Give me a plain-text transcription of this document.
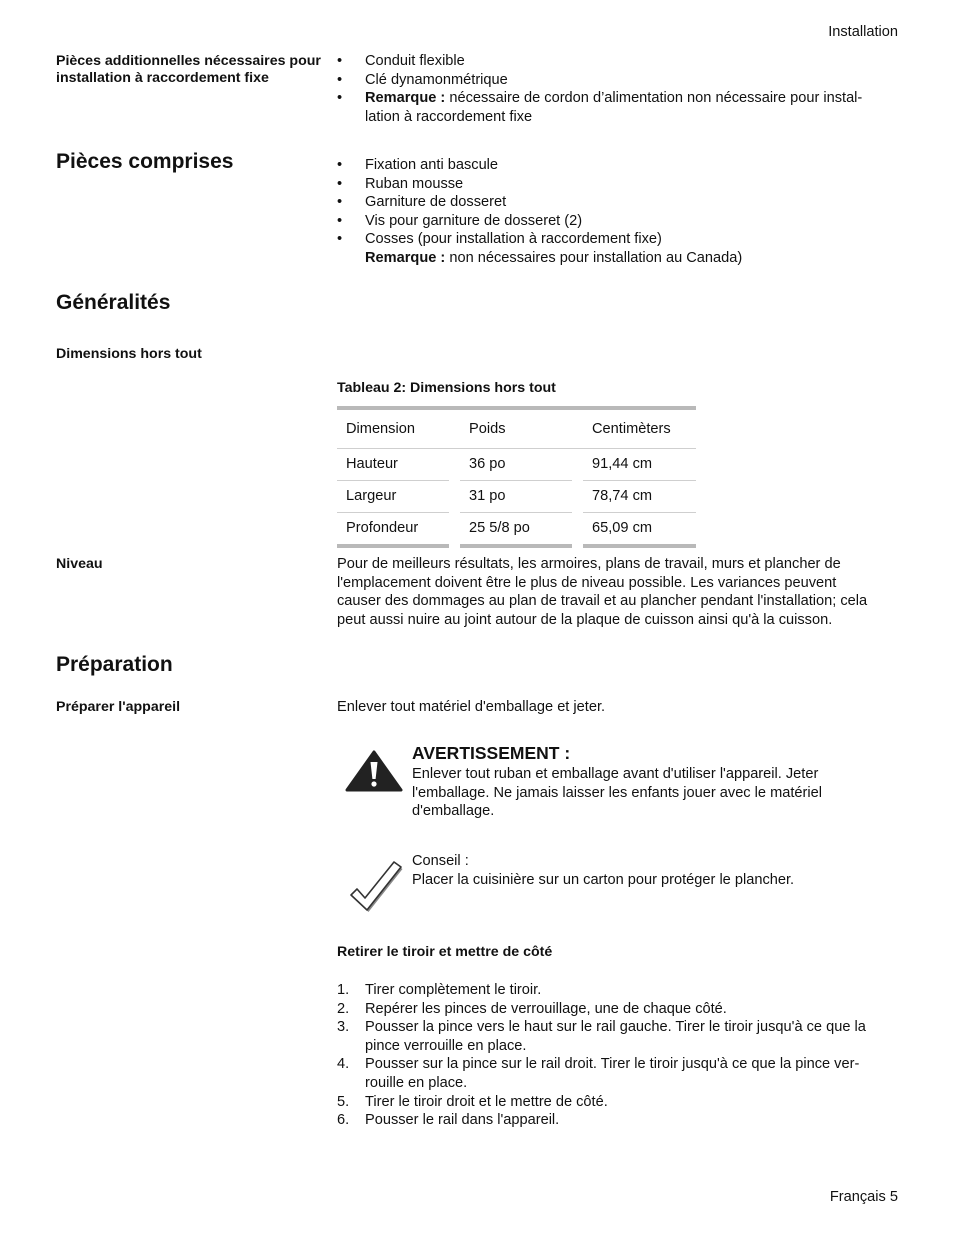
Installation
Français 5
Pièces additionnelles nécessaires pour installation à raccordement fixe
• Conduit flexible
• Clé dynamonmétrique
• Remarque : nécessaire de cordon d’alimentation non nécessaire pour instal-
lation à raccordement fixe
Pièces comprises	• Fixation anti bascule
• Ruban mousse
• Garniture de dosseret
• Vis pour garniture de dosseret (2)
• Cosses (pour installation à raccordement fixe)
Remarque : non nécessaires pour installation au Canada)
Généralités
Dimensions hors tout
Tableau 2: Dimensions hors tout
Dimension	Poids	Centimèters
Hauteur	36 po	91,44 cm
Largeur	31 po	78,74 cm
Profondeur	25 5/8 po	65,09 cm
Niveau	Pour de meilleurs résultats, les armoires, plans de travail, murs et plancher de
l'emplacement doivent être le plus de niveau possible. Les variances peuvent
causer des dommages au plan de travail et au plancher pendant l'installation; cela
peut aussi nuire au joint autour de la plaque de cuisson ainsi qu'à la cuisson.
Préparation
Préparer l'appareil	Enlever tout matériel d'emballage et jeter.
AVERTISSEMENT :
Enlever tout ruban et emballage avant d'utiliser l'appareil. Jeter
l'emballage. Ne jamais laisser les enfants jouer avec le matériel
d'emballage.
Conseil :
Placer la cuisinière sur un carton pour protéger le plancher.
Retirer le tiroir et mettre de côté
1. Tirer complètement le tiroir.
2. Repérer les pinces de verrouillage, une de chaque côté.
3. Pousser la pince vers le haut sur le rail gauche. Tirer le tiroir jusqu'à ce que la
pince verrouille en place.
4. Pousser sur la pince sur le rail droit. Tirer le tiroir jusqu'à ce que la pince ver-
rouille en place.
5. Tirer le tiroir droit et le mettre de côté.
6. Pousser le rail dans l'appareil.
